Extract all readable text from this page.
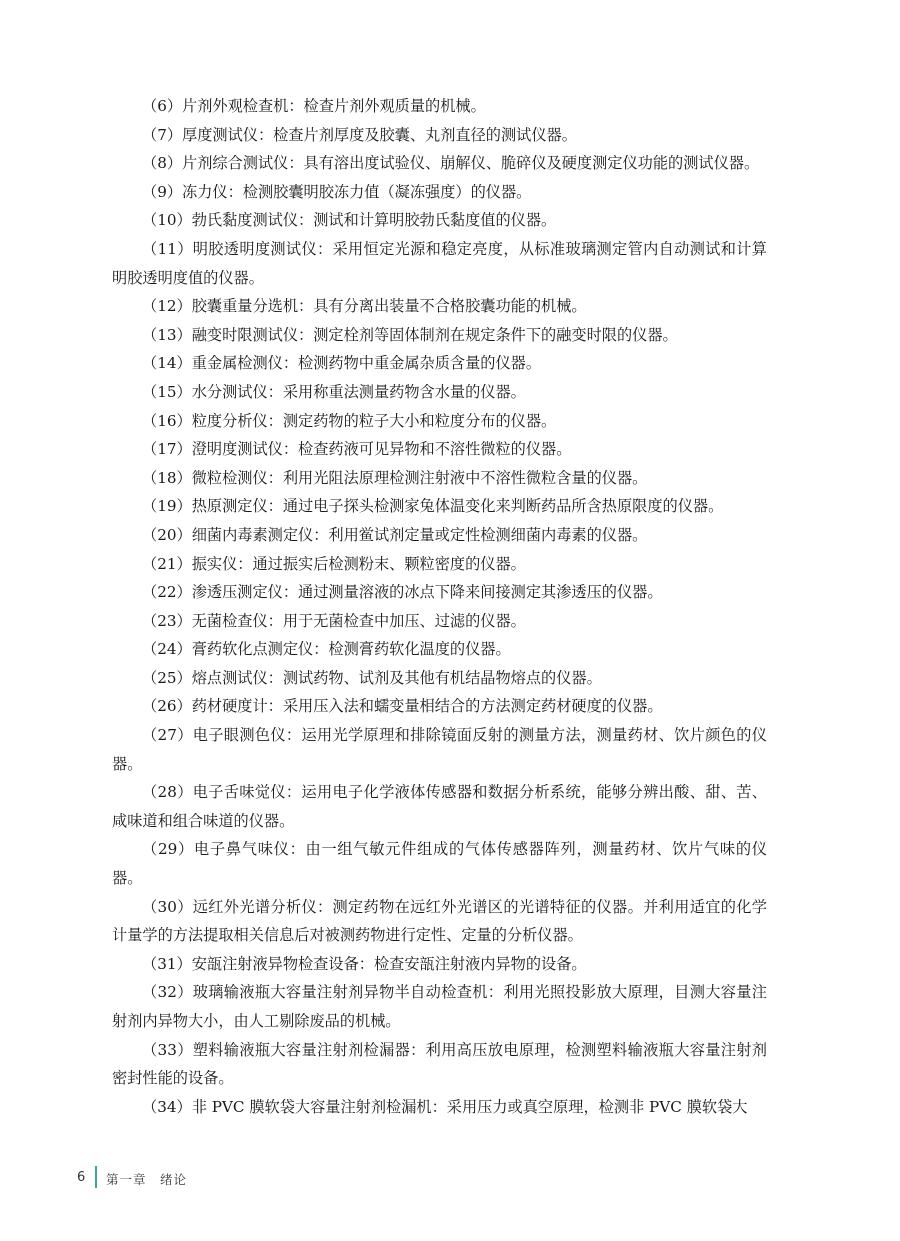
（6）片剂外观检查机：检查片剂外观质量的机械。

（7）厚度测试仪：检查片剂厚度及胶囊、丸剂直径的测试仪器。

（8）片剂综合测试仪：具有溶出度试验仪、崩解仪、脆碎仪及硬度测定仪功能的测试仪器。

（9）冻力仪：检测胶囊明胶冻力值（凝冻强度）的仪器。

（10）勃氏黏度测试仪：测试和计算明胶勃氏黏度值的仪器。

（11）明胶透明度测试仪：采用恒定光源和稳定亮度，从标准玻璃测定管内自动测试和计算明胶透明度值的仪器。

（12）胶囊重量分选机：具有分离出装量不合格胶囊功能的机械。

（13）融变时限测试仪：测定栓剂等固体制剂在规定条件下的融变时限的仪器。

（14）重金属检测仪：检测药物中重金属杂质含量的仪器。

（15）水分测试仪：采用称重法测量药物含水量的仪器。

（16）粒度分析仪：测定药物的粒子大小和粒度分布的仪器。

（17）澄明度测试仪：检查药液可见异物和不溶性微粒的仪器。

（18）微粒检测仪：利用光阻法原理检测注射液中不溶性微粒含量的仪器。

（19）热原测定仪：通过电子探头检测家兔体温变化来判断药品所含热原限度的仪器。

（20）细菌内毒素测定仪：利用鲎试剂定量或定性检测细菌内毒素的仪器。

（21）振实仪：通过振实后检测粉末、颗粒密度的仪器。

（22）渗透压测定仪：通过测量溶液的冰点下降来间接测定其渗透压的仪器。

（23）无菌检查仪：用于无菌检查中加压、过滤的仪器。

（24）膏药软化点测定仪：检测膏药软化温度的仪器。

（25）熔点测试仪：测试药物、试剂及其他有机结晶物熔点的仪器。

（26）药材硬度计：采用压入法和蠕变量相结合的方法测定药材硬度的仪器。

（27）电子眼测色仪：运用光学原理和排除镜面反射的测量方法，测量药材、饮片颜色的仪器。

（28）电子舌味觉仪：运用电子化学液体传感器和数据分析系统，能够分辨出酸、甜、苦、咸味道和组合味道的仪器。

（29）电子鼻气味仪：由一组气敏元件组成的气体传感器阵列，测量药材、饮片气味的仪器。

（30）远红外光谱分析仪：测定药物在远红外光谱区的光谱特征的仪器。并利用适宜的化学计量学的方法提取相关信息后对被测药物进行定性、定量的分析仪器。

（31）安瓿注射液异物检查设备：检查安瓿注射液内异物的设备。

（32）玻璃输液瓶大容量注射剂异物半自动检查机：利用光照投影放大原理，目测大容量注射剂内异物大小，由人工剔除废品的机械。

（33）塑料输液瓶大容量注射剂检漏器：利用高压放电原理，检测塑料输液瓶大容量注射剂密封性能的设备。

（34）非 PVC 膜软袋大容量注射剂检漏机：采用压力或真空原理，检测非 PVC 膜软袋大

6 第一章　绪论
